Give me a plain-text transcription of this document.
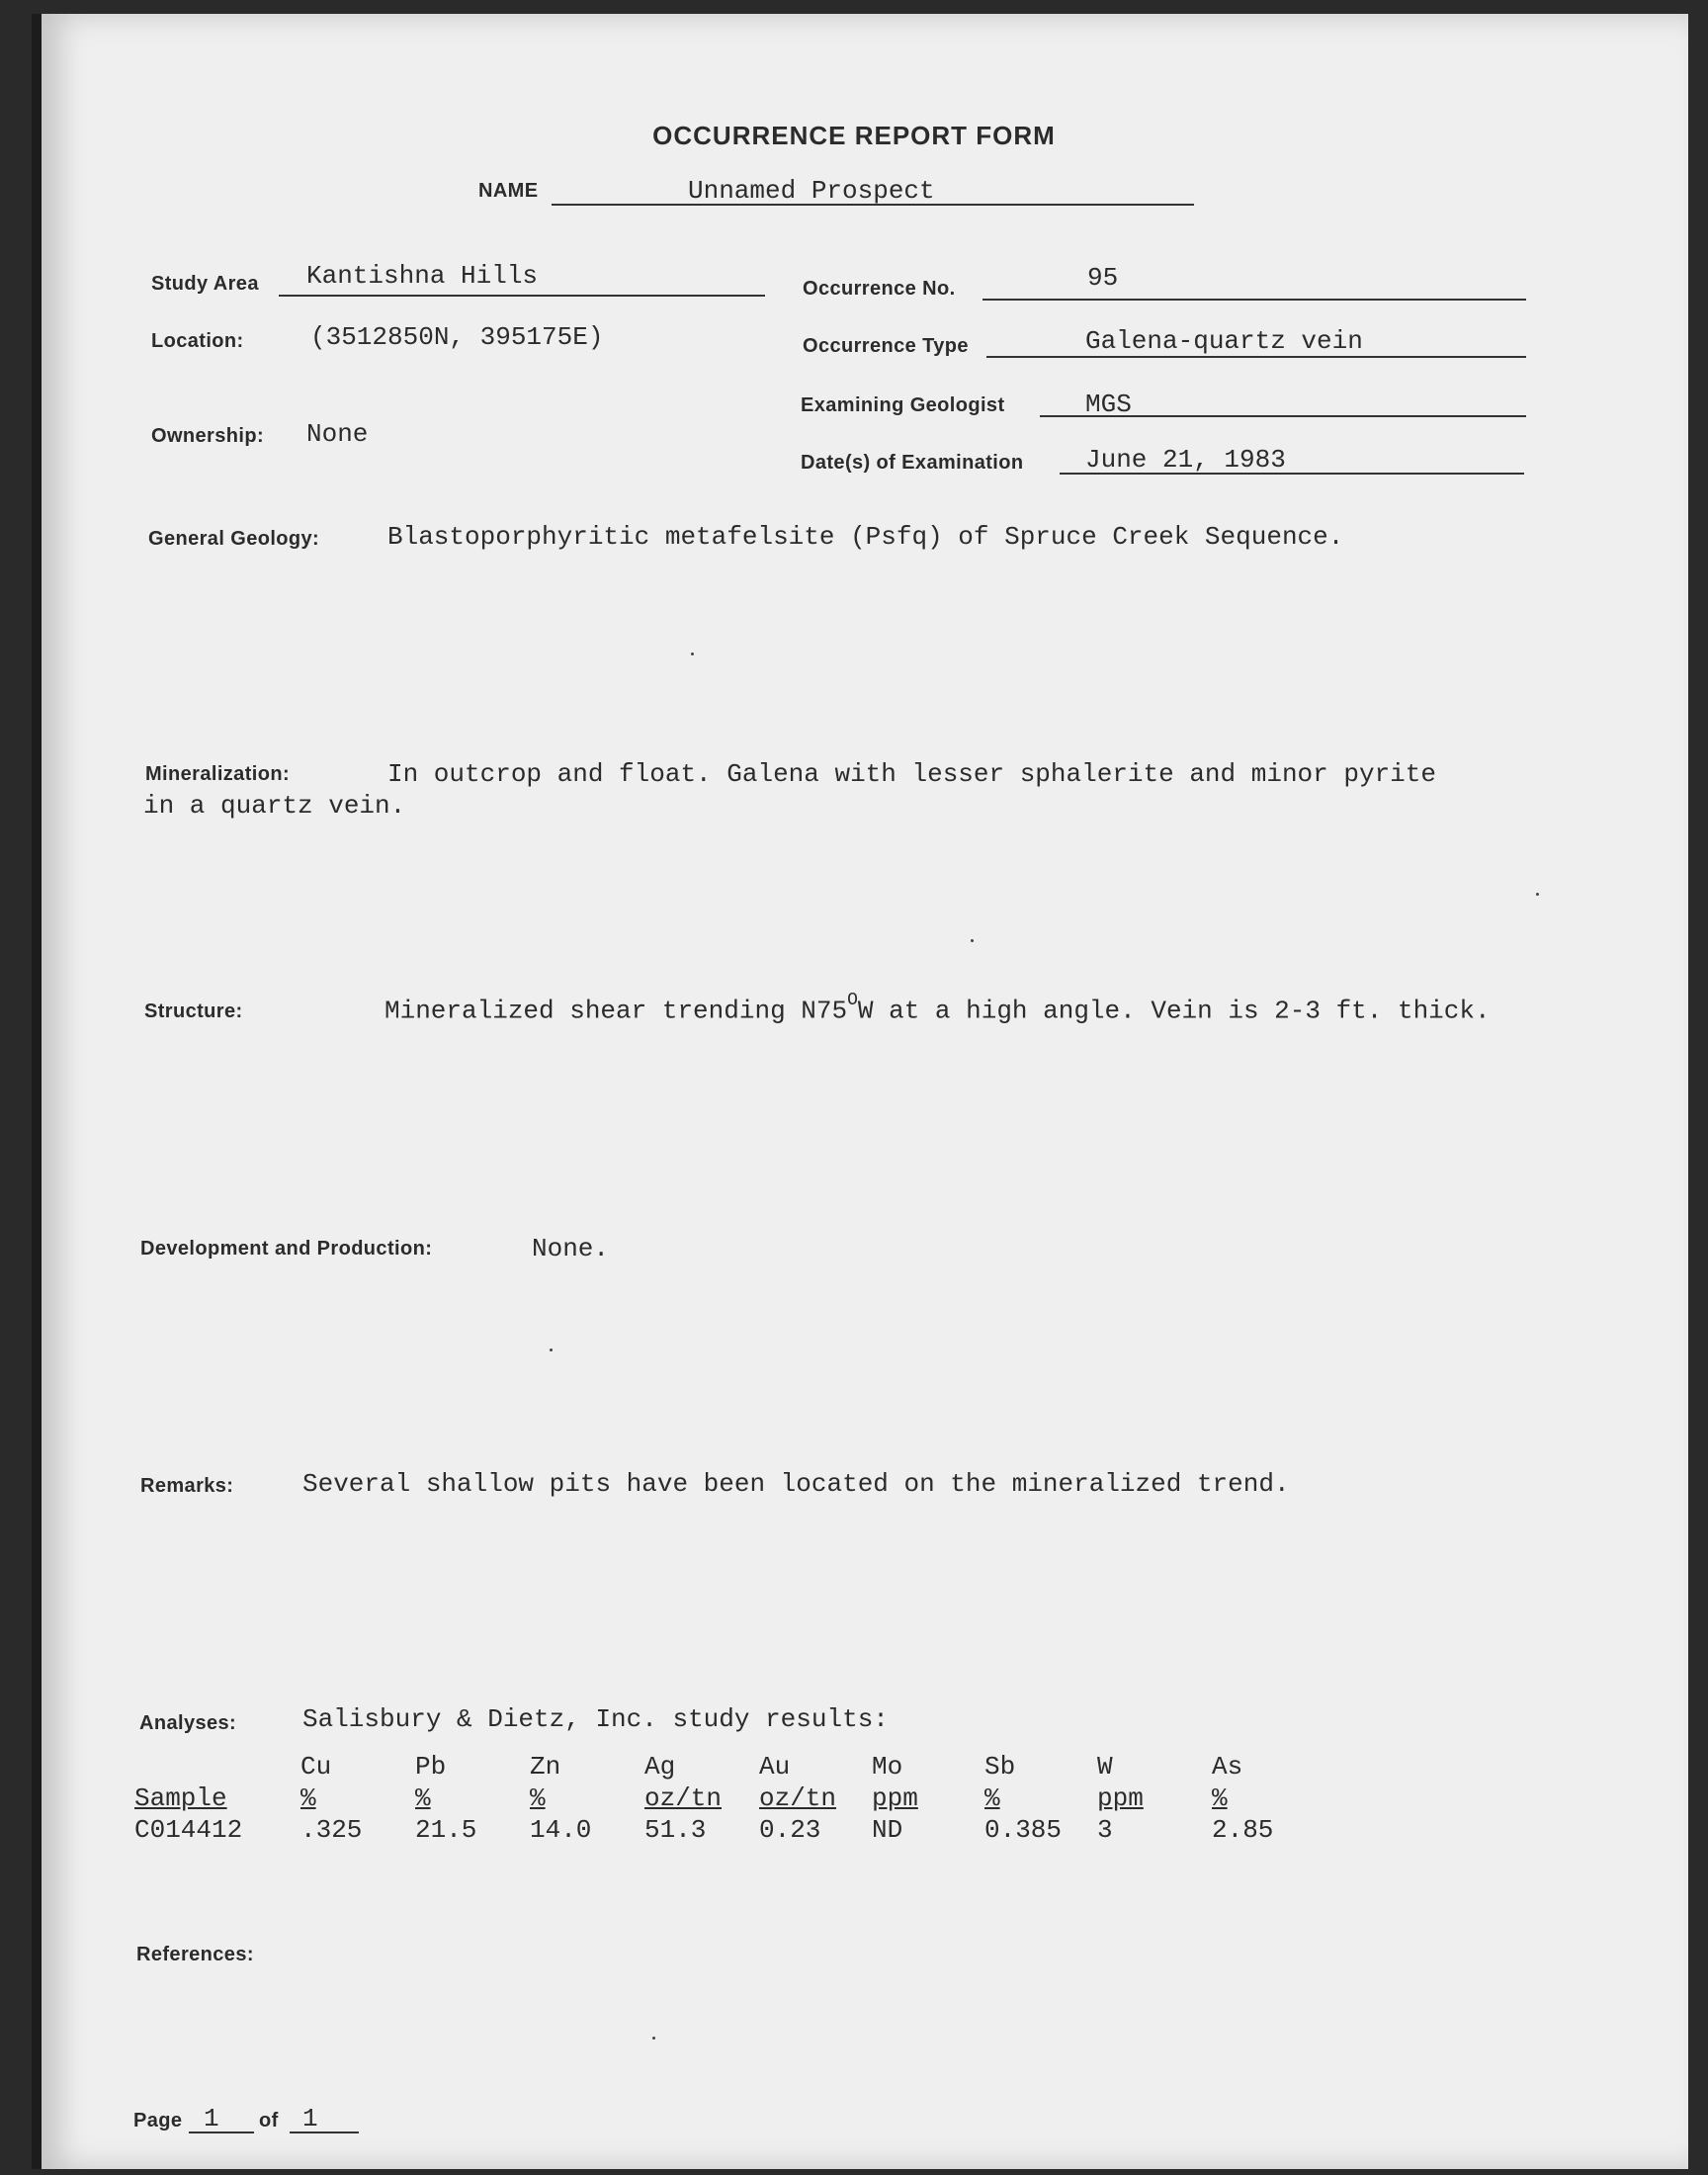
OCCURRENCE REPORT FORM
NAME	Unnamed Prospect
Study Area Kantishna Hills
Location:	(3512850N, 395175E)
Ownership: None
Occurrence No.	95
Occurrence Type	Galena-quartz vein
Examining Geologist	MGS
Date(s) of Examination June 21, 1983
General Geology:	Blastoporphyritic metafelsite (Psfq) of Spruce Creek Sequence.
Mineralization:	In outcrop and float. Galena with lesser sphalerite and minor pyrite
in a quartz vein.
Structure:	Mineralized shear trending $N75^OW$ at a high angle. Vein is 2-3 ft. thick.
Development and Production:	None.
Remarks:	Several shallow pits have been located on the mineralized trend.
Analyses:	Salisbury & Dietz, Inc. study results:
	Cu	Pb	Zn	Ag	Au	Mo	Sb	W	As
Sample	%	%	%	oz/tn	oz/tn	ppm	%	ppm	%
C014412	.325	21.5	14.0	51.3	0.23	ND	0.385	3	2.85
References:
Page 1 of 1
